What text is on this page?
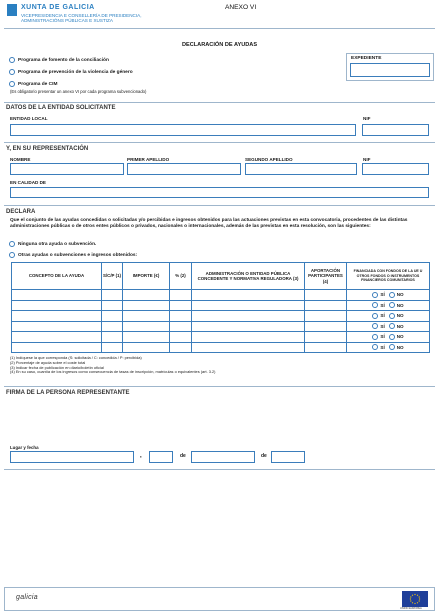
XUNTA DE GALICIA
VICEPRESIDENCIA E CONSELLERÍA DE PRESIDENCIA,
ADMINISTRACIÓNS PÚBLICAS E XUSTIZA
ANEXO VI
DECLARACIÓN DE AYUDAS
Programa de fomento de la conciliación
Programa de prevención de la violencia de género
Programa de CIM
(Es obligatorio presentar un anexo VI por cada programa subvencionado)
EXPEDIENTE
DATOS DE LA ENTIDAD SOLICITANTE
ENTIDAD LOCAL	NIF
Y, EN SU REPRESENTACIÓN
NOMBRE	PRIMER APELLIDO	SEGUNDO APELLIDO	NIF
EN CALIDAD DE
DECLARA
Que el conjunto de las ayudas concedidas o solicitadas y/o percibidas e ingresos obtenidos para las actuaciones previstas en esta convocatoria, procedentes de las distintas administraciones públicas o de otros entes públicos o privados, nacionales o internacionales, además de las previstas en esta resolución, son las siguientes:
Ninguna otra ayuda o subvención.
Otras ayudas o subvenciones e ingresos obtenidos:
CONCEPTO DE LA AYUDA	S/C/P (1)	IMPORTE (€)	% (2)	ADMINISTRACIÓN O ENTIDAD PÚBLICA CONCEDENTE Y NORMATIVA REGULADORA (3)	APORTACIÓN PARTICIPANTES (4)	FINANCIADA CON FONDOS DE LA UE U OTROS FONDOS O INSTRUMENTOS FINANCIEROS COMUNITARIOS

						SÍ NO

						SÍ NO

						SÍ NO

						SÍ NO

						SÍ NO

						SÍ NO
(1) Indíquese la que corresponda (S: solicitada / C: concedida / P: percibida)
(2) Porcentaje de ayuda sobre el coste total
(3) Indicar fecha de publicación en diario/boletín oficial
(4) En su caso, cuantía de los ingresos como consecuencia de tasas de inscripción, matrículas o equivalentes (art. 3.2)
FIRMA DE LA PERSONA REPRESENTANTE
Lugar y fecha
,	de	de
galicia
UNIÓN EUROPEA
